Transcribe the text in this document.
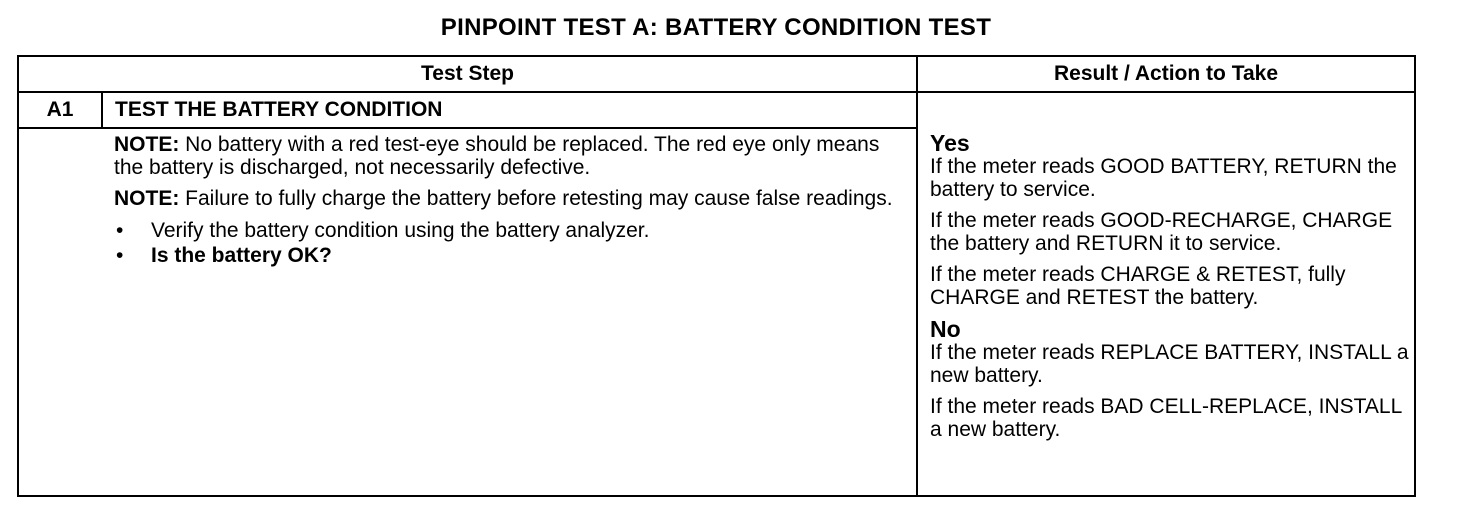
PINPOINT TEST A: BATTERY CONDITION TEST
Test Step	Result / Action to Take
A1	TEST THE BATTERY CONDITION

NOTE: No battery with a red test-eye should be replaced. The red eye only means the battery is discharged, not necessarily defective.

NOTE: Failure to fully charge the battery before retesting may cause false readings.

• Verify the battery condition using the battery analyzer.
• Is the battery OK?
Yes

If the meter reads GOOD BATTERY, RETURN the battery to service.

If the meter reads GOOD-RECHARGE, CHARGE the battery and RETURN it to service.

If the meter reads CHARGE & RETEST, fully CHARGE and RETEST the battery.

No

If the meter reads REPLACE BATTERY, INSTALL a new battery.

If the meter reads BAD CELL-REPLACE, INSTALL a new battery.
